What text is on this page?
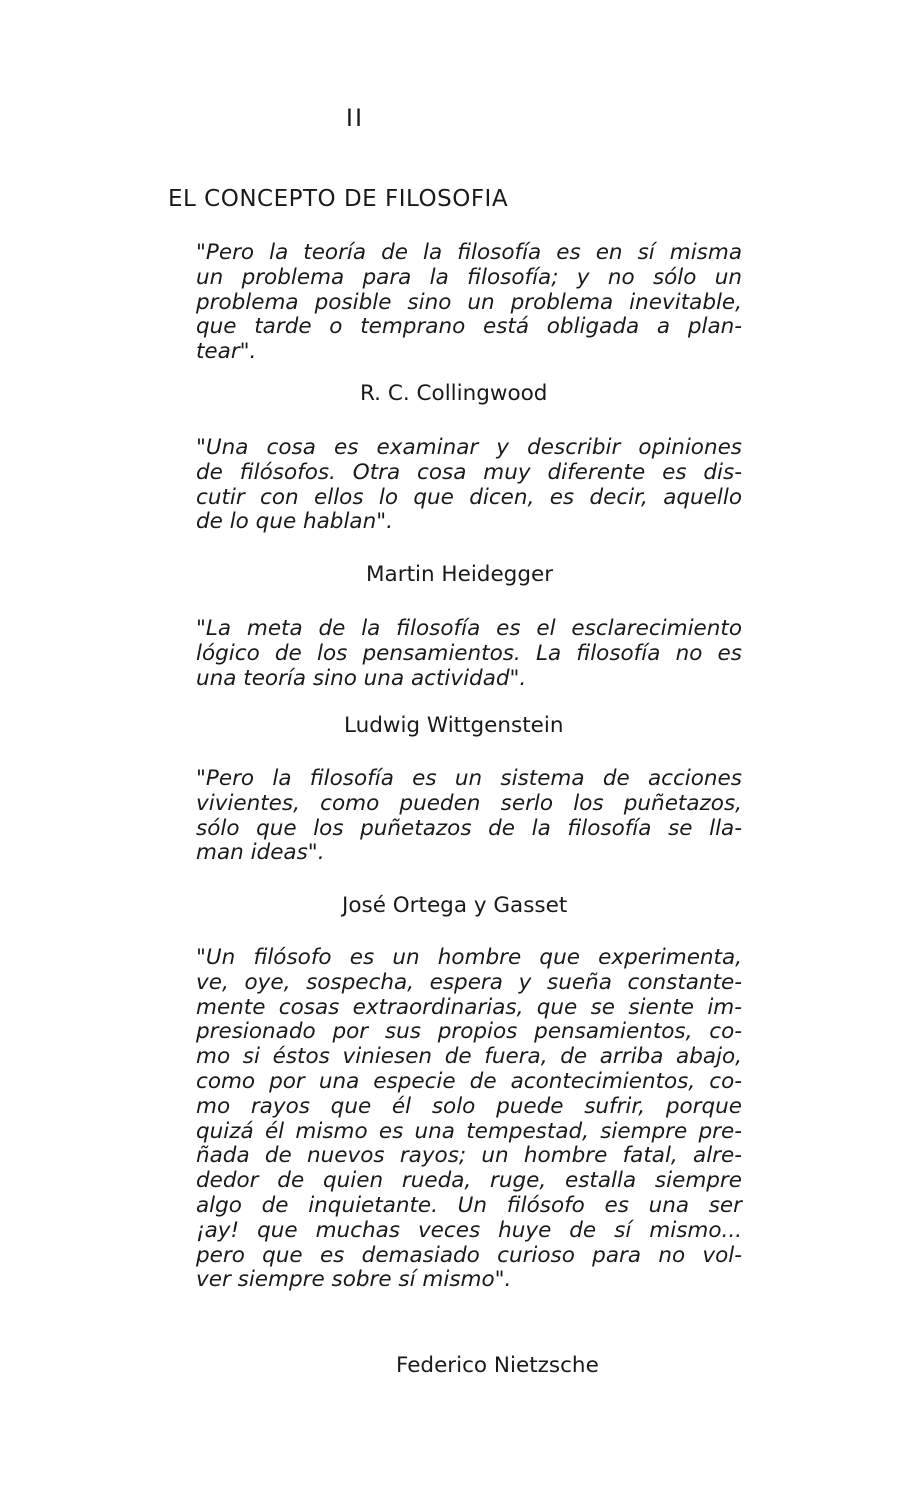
II
EL CONCEPTO DE FILOSOFIA
"Pero la teoría de la filosofía es en sí misma
un problema para la filosofía; y no sólo un
problema posible sino un problema inevitable,
que tarde o temprano está obligada a plan-
tear".
R. C. Collingwood
"Una cosa es examinar y describir opiniones
de filósofos. Otra cosa muy diferente es dis-
cutir con ellos lo que dicen, es decir, aquello
de lo que hablan".
Martin Heidegger
"La meta de la filosofía es el esclarecimiento
lógico de los pensamientos. La filosofía no es
una teoría sino una actividad".
Ludwig Wittgenstein
"Pero la filosofía es un sistema de acciones
vivientes, como pueden serlo los puñetazos,
sólo que los puñetazos de la filosofía se lla-
man ideas".
José Ortega y Gasset
"Un filósofo es un hombre que experimenta,
ve, oye, sospecha, espera y sueña constante-
mente cosas extraordinarias, que se siente im-
presionado por sus propios pensamientos, co-
mo si éstos viniesen de fuera, de arriba abajo,
como por una especie de acontecimientos, co-
mo rayos que él solo puede sufrir, porque
quizá él mismo es una tempestad, siempre pre-
ñada de nuevos rayos; un hombre fatal, alre-
dedor de quien rueda, ruge, estalla siempre
algo de inquietante. Un filósofo es una ser
¡ay! que muchas veces huye de sí mismo...
pero que es demasiado curioso para no vol-
ver siempre sobre sí mismo".
Federico Nietzsche
